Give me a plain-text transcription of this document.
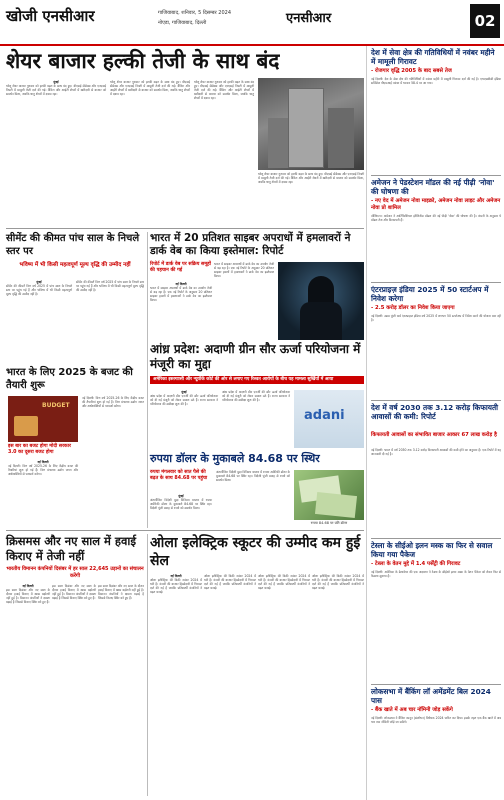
खोजी एनसीआर	गाजियाबाद, शनिवार, 5 दिसम्बर 2024
नोएडा, गाजियाबाद, दिल्ली	एनसीआर	02
शेयर बाजार हल्की तेजी के साथ बंद
मुंबई
घरेलू शेयर बाजार गुरुवार को हल्की बढ़त के साथ बंद हुए। बीएसई सेंसेक्स और एनएसई निफ्टी में मामूली तेजी दर्ज की गई। बैंकिंग और आईटी शेयरों में खरीदारी से बाजार को समर्थन मिला, जबकि धातु शेयरों में दबाव रहा।
घरेलू शेयर बाजार गुरुवार को हल्की बढ़त के साथ बंद हुए। बीएसई सेंसेक्स और एनएसई निफ्टी में मामूली तेजी दर्ज की गई। बैंकिंग और आईटी शेयरों में खरीदारी से बाजार को समर्थन मिला, जबकि धातु शेयरों में दबाव रहा।
घरेलू शेयर बाजार गुरुवार को हल्की बढ़त के साथ बंद हुए। बीएसई सेंसेक्स और एनएसई निफ्टी में मामूली तेजी दर्ज की गई। बैंकिंग और आईटी शेयरों में खरीदारी से बाजार को समर्थन मिला, जबकि धातु शेयरों में दबाव रहा।
घरेलू शेयर बाजार गुरुवार को हल्की बढ़त के साथ बंद हुए। बीएसई सेंसेक्स और एनएसई निफ्टी में मामूली तेजी दर्ज की गई। बैंकिंग और आईटी शेयरों में खरीदारी से बाजार को समर्थन मिला, जबकि धातु शेयरों में दबाव रहा।
सीमेंट की कीमत पांच साल के निचले स्तर पर
भविष्य में भी किसी महत्वपूर्ण मूल्य वृद्धि की उम्मीद नहीं
मुंबई
सीमेंट की कीमतें वित्त वर्ष 2025 में पांच साल के निचले स्तर पर पहुंच गई हैं और भविष्य में भी किसी महत्वपूर्ण मूल्य वृद्धि की उम्मीद नहीं है।
सीमेंट की कीमतें वित्त वर्ष 2025 में पांच साल के निचले स्तर पर पहुंच गई हैं और भविष्य में भी किसी महत्वपूर्ण मूल्य वृद्धि की उम्मीद नहीं है।
भारत के लिए 2025 के बजट की तैयारी शुरू
BUDGET
इस बार का बजट होगा मोदी सरकार 3.0 का दूसरा बजट होगा
नई दिल्ली
नई दिल्ली: वित्त वर्ष 2025-26 के लिए केंद्रीय बजट की तैयारियां शुरू हो गई हैं। वित्त मंत्रालय उद्योग जगत और अर्थशास्त्रियों से परामर्श करेगा।
नई दिल्ली: वित्त वर्ष 2025-26 के लिए केंद्रीय बजट की तैयारियां शुरू हो गई हैं। वित्त मंत्रालय उद्योग जगत और अर्थशास्त्रियों से परामर्श करेगा।
भारत में 20 प्रतिशत साइबर अपराधों में हमलावरों ने डार्क वेब का किया इस्तेमाल: रिपोर्ट
रिपोर्ट में डार्क वेब पर सक्रिय समूहों की पहचान की गई
नई दिल्ली
भारत में साइबर अपराधों में डार्क वेब का उपयोग तेजी से बढ़ रहा है। एक नई रिपोर्ट के अनुसार 20 प्रतिशत साइबर हमलों में हमलावरों ने डार्क वेब का इस्तेमाल किया।
भारत में साइबर अपराधों में डार्क वेब का उपयोग तेजी से बढ़ रहा है। एक नई रिपोर्ट के अनुसार 20 प्रतिशत साइबर हमलों में हमलावरों ने डार्क वेब का इस्तेमाल किया।
आंध्र प्रदेश: अदाणी ग्रीन सौर ऊर्जा परियोजना में मंजूरी का मुद्दा
अमेरिका इस्तगाासी और न्यूयॉर्क कोर्ट की ओर से लगाए गए रिश्वत आरोपों के बीच यह मामला सुर्खियों में आया
मुंबई
आंध्र प्रदेश में अदाणी ग्रीन एनर्जी की सौर ऊर्जा परियोजना को दी गई मंजूरी को लेकर सवाल उठे हैं। राज्य सरकार ने परियोजना की समीक्षा शुरू की है।
आंध्र प्रदेश में अदाणी ग्रीन एनर्जी की सौर ऊर्जा परियोजना को दी गई मंजूरी को लेकर सवाल उठे हैं। राज्य सरकार ने परियोजना की समीक्षा शुरू की है।
adani
रुपया डॉलर के मुकाबले 84.68 पर स्थिर
रुपया मंगलवार को सात पैसे की बढ़त के साथ 84.68 पर पहुंचा
मुंबई
अंतरबैंकिंग विदेशी मुद्रा विनिमय बाजार में रुपया अमेरिकी डॉलर के मुकाबले 84.68 पर स्थिर रहा। विदेशी पूंजी प्रवाह से रुपये को समर्थन मिला।
अंतरबैंकिंग विदेशी मुद्रा विनिमय बाजार में रुपया अमेरिकी डॉलर के मुकाबले 84.68 पर स्थिर रहा। विदेशी पूंजी प्रवाह से रुपये को समर्थन मिला।
रुपया 84.68 पर प्रति डॉलर
क्रिसमस और नए साल में हवाई किराए में तेजी नहीं
भारतीय विमानन कंपनियों दिसंबर में हर साल 22,645 उड़ानों का संचालन करेंगी
नई दिल्ली
इस साल दिसंबर और नए साल के दौरान हवाई किराए में खास बढ़ोतरी नहीं हुई है। विमानन कंपनियों ने क्षमता बढ़ाई है जिससे किराए स्थिर बने हुए हैं।
इस साल दिसंबर और नए साल के दौरान हवाई किराए में खास बढ़ोतरी नहीं हुई है। विमानन कंपनियों ने क्षमता बढ़ाई है जिससे किराए स्थिर बने हुए हैं।
इस साल दिसंबर और नए साल के दौरान हवाई किराए में खास बढ़ोतरी नहीं हुई है। विमानन कंपनियों ने क्षमता बढ़ाई है जिससे किराए स्थिर बने हुए हैं।
ओला इलेक्ट्रिक स्कूटर की उम्मीद कम हुई सेल
नई दिल्ली
ओला इलेक्ट्रिक की बिक्री नवंबर 2024 में घटी है। कंपनी की बाजार हिस्सेदारी में गिरावट दर्ज की गई है जबकि प्रतिस्पर्धी कंपनियों ने बढ़त बनाई।
ओला इलेक्ट्रिक की बिक्री नवंबर 2024 में घटी है। कंपनी की बाजार हिस्सेदारी में गिरावट दर्ज की गई है जबकि प्रतिस्पर्धी कंपनियों ने बढ़त बनाई।
ओला इलेक्ट्रिक की बिक्री नवंबर 2024 में घटी है। कंपनी की बाजार हिस्सेदारी में गिरावट दर्ज की गई है जबकि प्रतिस्पर्धी कंपनियों ने बढ़त बनाई।
ओला इलेक्ट्रिक की बिक्री नवंबर 2024 में घटी है। कंपनी की बाजार हिस्सेदारी में गिरावट दर्ज की गई है जबकि प्रतिस्पर्धी कंपनियों ने बढ़त बनाई।
देश में सेवा क्षेत्र की गतिविधियों में नवंबर महीने में मामूली गिरावट
- रोजगार वृद्धि 2005 के बाद सबसे तेज
नई दिल्ली: देश के सेवा क्षेत्र की गतिविधियों में नवंबर महीने में मामूली गिरावट दर्ज की गई है। एचएसबीसी इंडिया सर्विसेज पीएमआई नवंबर में घटकर 58.4 पर आ गया।
अमेजन ने पेडस्टेशन मॉडल की नई पीढ़ी 'नोवा' की घोषणा की
- नए वेद में अमेजन नोवा माइक्रो, अमेजन नोवा लाइट और अमेजन नोवा प्रो शामिल
वॉशिंगटन: अमेजन ने आर्टिफिशियल इंटेलिजेंस मॉडल की नई पीढ़ी 'नोवा' की घोषणा की है। कंपनी के अनुसार ये मॉडल तेज और किफायती हैं।
एंटरप्राइज़ इंडिया 2025 में 50 स्टार्टअप में निवेश करेगा
- 2.5 करोड़ डॉलर का निवेश किया जाएगा
नई दिल्ली: उद्यम पूंजी फर्म एंटरप्राइज इंडिया वर्ष 2025 में लगभग 50 स्टार्टअप में निवेश करने की योजना बना रही है।
देश में वर्ष 2030 तक 3.12 करोड़ किफायती आवासों की कमी: रिपोर्ट
किफायती आवासों का संभावित बाजार आकार 67 लाख करोड़ है
नई दिल्ली: भारत में वर्ष 2030 तक 3.12 करोड़ किफायती आवासों की कमी होने का अनुमान है। एक रिपोर्ट में यह जानकारी दी गई है।
टेस्ला के सीईओ इलन मस्क का फिर से सवाल किया गया पैकेज
- टेस्ला के वेतन मुद्दे में 1.4 पर्सेंट्री की गिरावट
नई दिल्ली: अमेरिका के डेलावेयर की एक अदालत ने टेस्ला के सीईओ इलन मस्क के वेतन पैकेज को लेकर फिर से फैसला सुनाया है।
लोकसभा में बैंकिंग लॉ अमेंडमेंट बिल 2024 पास
- बैंक खाते में अब चार नॉमिनी जोड़ सकेंगे
नई दिल्ली: लोकसभा ने बैंकिंग कानून (संशोधन) विधेयक 2024 पारित कर दिया। इसके तहत एक बैंक खाते में अब चार तक नॉमिनी जोड़े जा सकेंगे।
